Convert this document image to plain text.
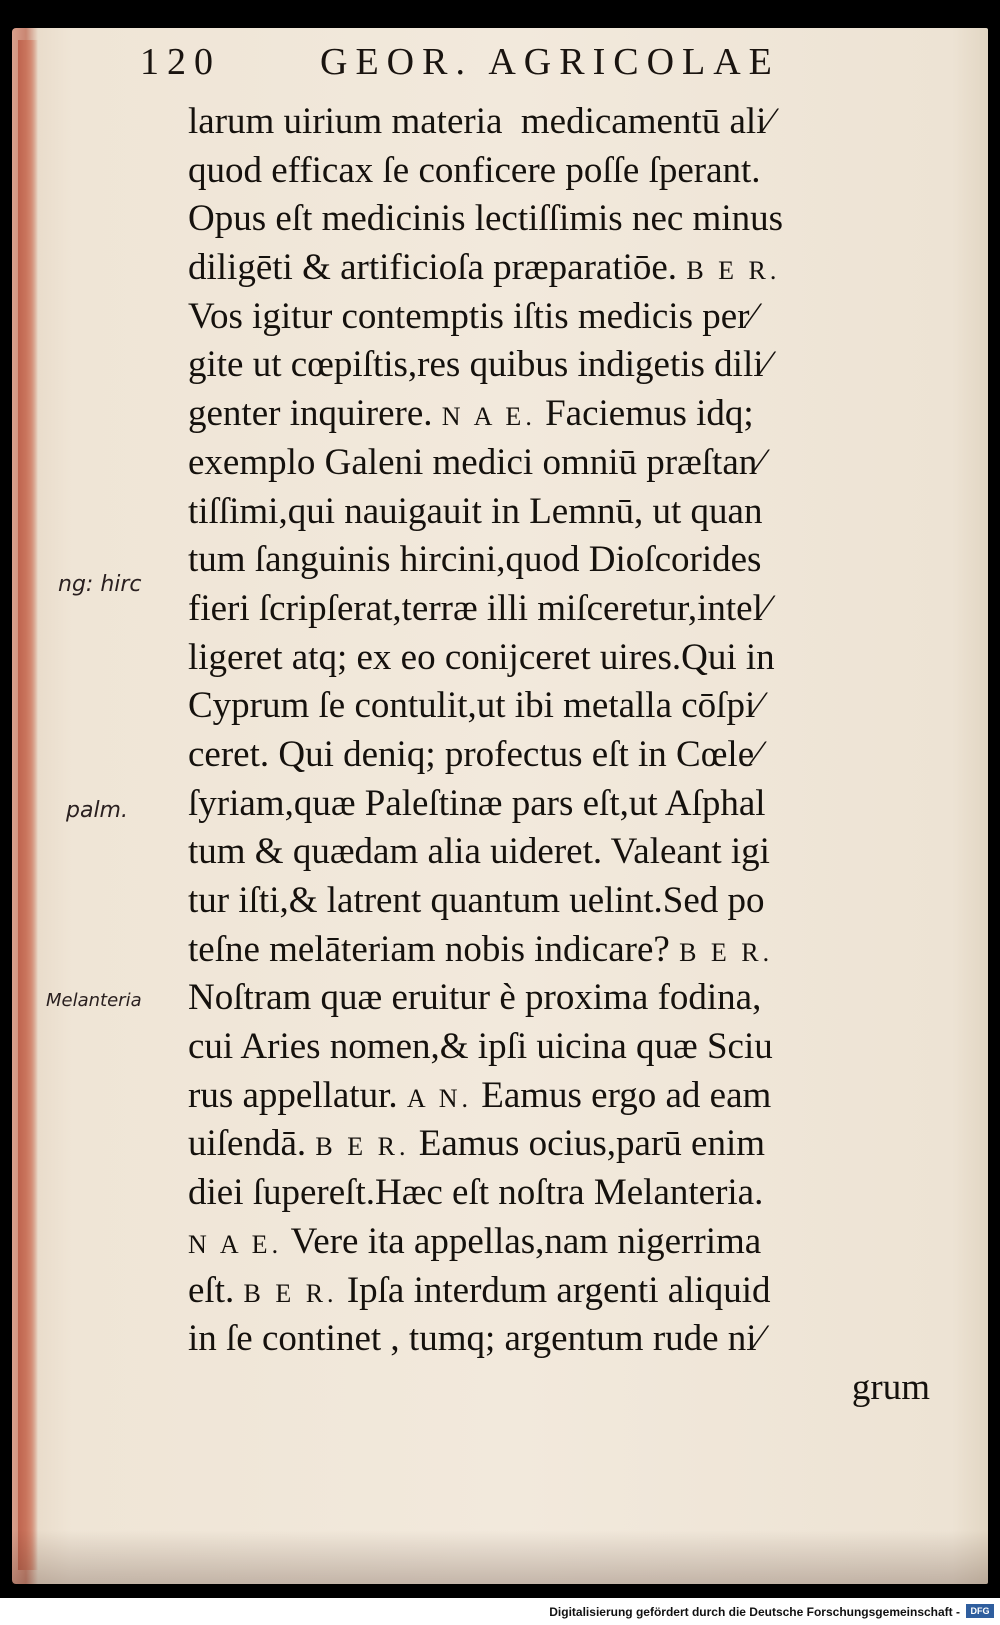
120	GEOR. AGRICOLAE
larum uirium materia  medicamentū ali⁄
quod efficax ſe conficere poſſe ſperant.
Opus eſt medicinis lectiſſimis nec minus
diligēti & artificioſa præparatiōe. B E R.
Vos igitur contemptis iſtis medicis per⁄
gite ut cœpiſtis,res quibus indigetis dili⁄
genter inquirere. N A E. Faciemus idq;
exemplo Galeni medici omniū præſtan⁄
tiſſimi,qui nauigauit in Lemnū, ut quan
tum ſanguinis hircini,quod Dioſcorides
fieri ſcripſerat,terræ illi miſceretur,intel⁄
ligeret atq; ex eo conijceret uires.Qui in
Cyprum ſe contulit,ut ibi metalla cōſpi⁄
ceret. Qui deniq; profectus eſt in Cœle⁄
ſyriam,quæ Paleſtinæ pars eſt,ut Aſphal
tum & quædam alia uideret. Valeant igi
tur iſti,& latrent quantum uelint.Sed po
teſne melāteriam nobis indicare? B E R.
Noſtram quæ eruitur è proxima fodina,
cui Aries nomen,& ipſi uicina quæ Sciu
rus appellatur. A N. Eamus ergo ad eam
uiſendā. B E R. Eamus ocius,parū enim
diei ſupereſt.Hæc eſt noſtra Melanteria.
N A E. Vere ita appellas,nam nigerrima
eſt. B E R. Ipſa interdum argenti aliquid
in ſe continet , tumq; argentum rude ni⁄
grum
ng: hirc
palm.
Melanteria
Digitalisierung gefördert durch die Deutsche Forschungsgemeinschaft -	DFG
